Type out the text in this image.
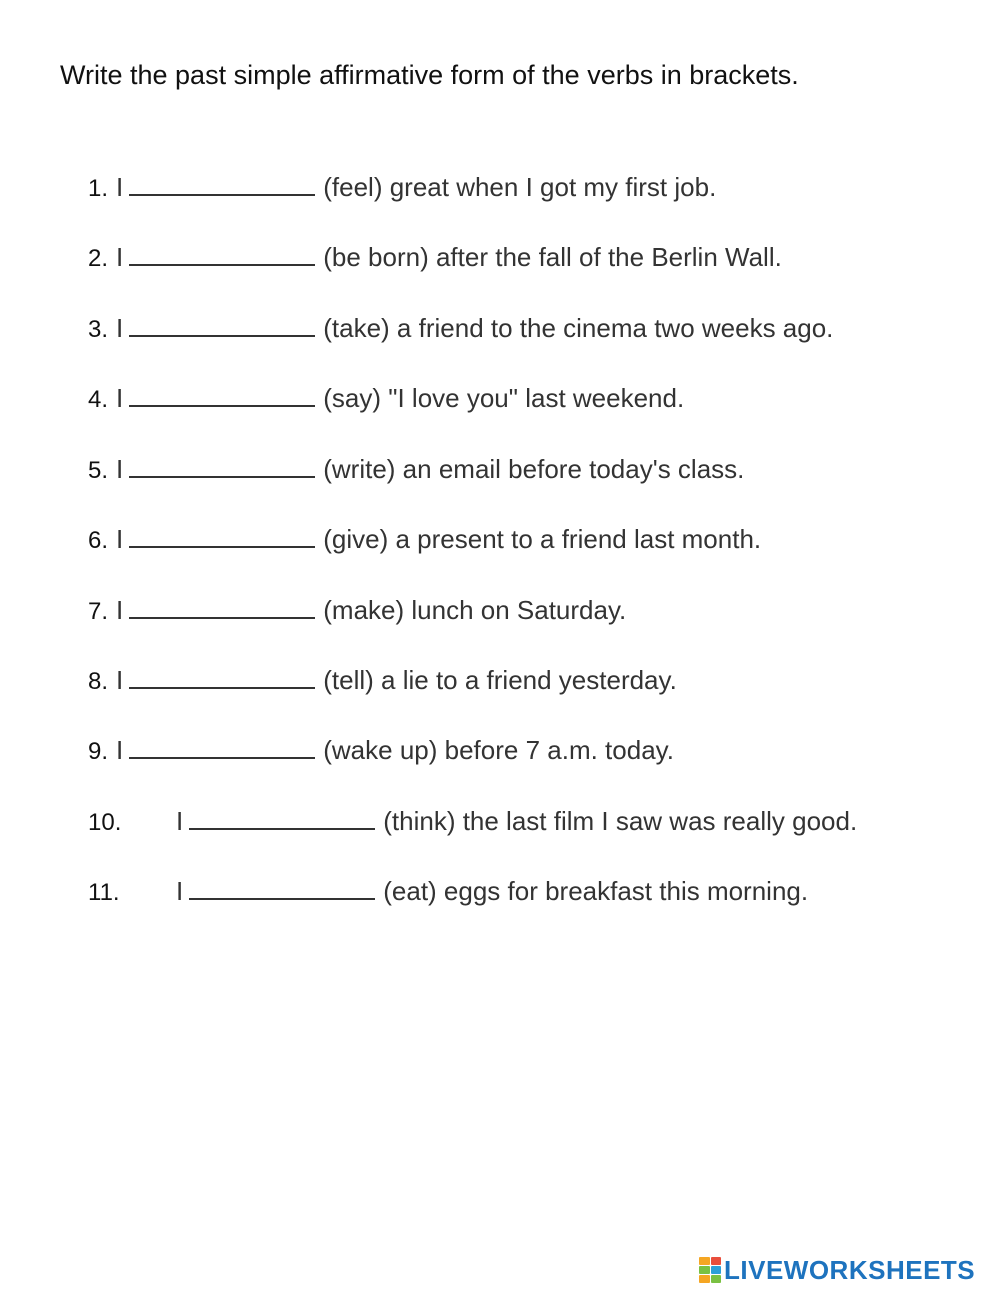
Write the past simple affirmative form of the verbs in brackets.
1. I	(feel) great when I got my first job.
2. I	(be born) after the fall of the Berlin Wall.
3. I	(take) a friend to the cinema two weeks ago.
4. I	(say) "I love you" last weekend.
5. I	(write) an email before today's class.
6. I	(give) a present to a friend last month.
7. I	(make) lunch on Saturday.
8. I	(tell) a lie to a friend yesterday.
9. I	(wake up) before 7 a.m. today.
10.	I	(think) the last film I saw was really good.
11.	I	(eat) eggs for breakfast this morning.
LIVEWORKSHEETS
